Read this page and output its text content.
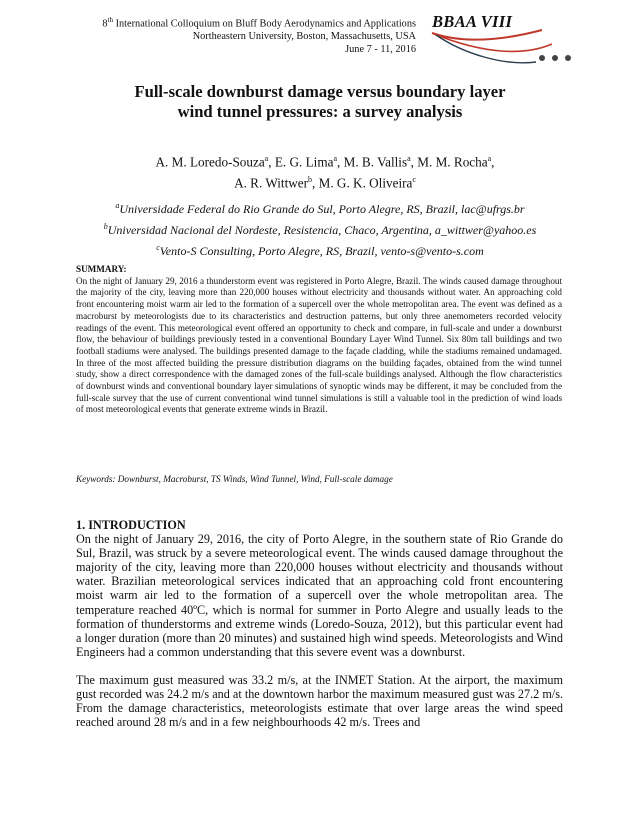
8th International Colloquium on Bluff Body Aerodynamics and Applications
Northeastern University, Boston, Massachusetts, USA
June 7 - 11, 2016
BBAA VIII
Full-scale downburst damage versus boundary layer
wind tunnel pressures: a survey analysis
A. M. Loredo-Souza$^a$, E. G. Lima$^a$, M. B. Vallis$^a$, M. M. Rocha$^a$,
A. R. Wittwer$^b$, M. G. K. Oliveira$^c$
$^a$Universidade Federal do Rio Grande do Sul, Porto Alegre, RS, Brazil, lac@ufrgs.br
$^b$Universidad Nacional del Nordeste, Resistencia, Chaco, Argentina, a_wittwer@yahoo.es
$^c$Vento-S Consulting, Porto Alegre, RS, Brazil, vento-s@vento-s.com
SUMMARY:
On the night of January 29, 2016 a thunderstorm event was registered in Porto Alegre, Brazil. The winds caused damage throughout the majority of the city, leaving more than 220,000 houses without electricity and thousands without water. An approaching cold front encountering moist warm air led to the formation of a supercell over the whole metropolitan area. The event was defined as a macroburst by meteorologists due to its characteristics and destruction patterns, but only three anemometers recorded velocity readings of the event. This meteorological event offered an opportunity to check and compare, in full-scale and under a downburst flow, the behaviour of buildings previously tested in a conventional Boundary Layer Wind Tunnel. Six 80m tall buildings and two football stadiums were analysed. The buildings presented damage to the façade cladding, while the stadiums remained undamaged. In three of the most affected building the pressure distribution diagrams on the building façades, obtained from the wind tunnel study, show a direct correspondence with the damaged zones of the full-scale buildings analysed. Although the flow characteristics of downburst winds and conventional boundary layer simulations of synoptic winds may be different, it may be concluded from the full-scale survey that the use of current conventional wind tunnel simulations is still a valuable tool in the prediction of wind loads of most meteorological events that generate extreme winds in Brazil.
Keywords: Downburst, Macroburst, TS Winds, Wind Tunnel, Wind, Full-scale damage
1. INTRODUCTION

On the night of January 29, 2016, the city of Porto Alegre, in the southern state of Rio Grande do Sul, Brazil, was struck by a severe meteorological event. The winds caused damage throughout the majority of the city, leaving more than 220,000 houses without electricity and thousands without water. Brazilian meteorological services indicated that an approaching cold front encountering moist warm air led to the formation of a supercell over the whole metropolitan area. The temperature reached 40ºC, which is normal for summer in Porto Alegre and usually leads to the formation of thunderstorms and extreme winds (Loredo-Souza, 2012), but this particular event had a longer duration (more than 20 minutes) and sustained high wind speeds. Meteorologists and Wind Engineers had a common understanding that this severe event was a downburst.

The maximum gust measured was 33.2 m/s, at the INMET Station. At the airport, the maximum gust recorded was 24.2 m/s and at the downtown harbor the maximum measured gust was 27.2 m/s. From the damage characteristics, meteorologists estimate that over large areas the wind speed reached around 28 m/s and in a few neighbourhoods 42 m/s. Trees and
